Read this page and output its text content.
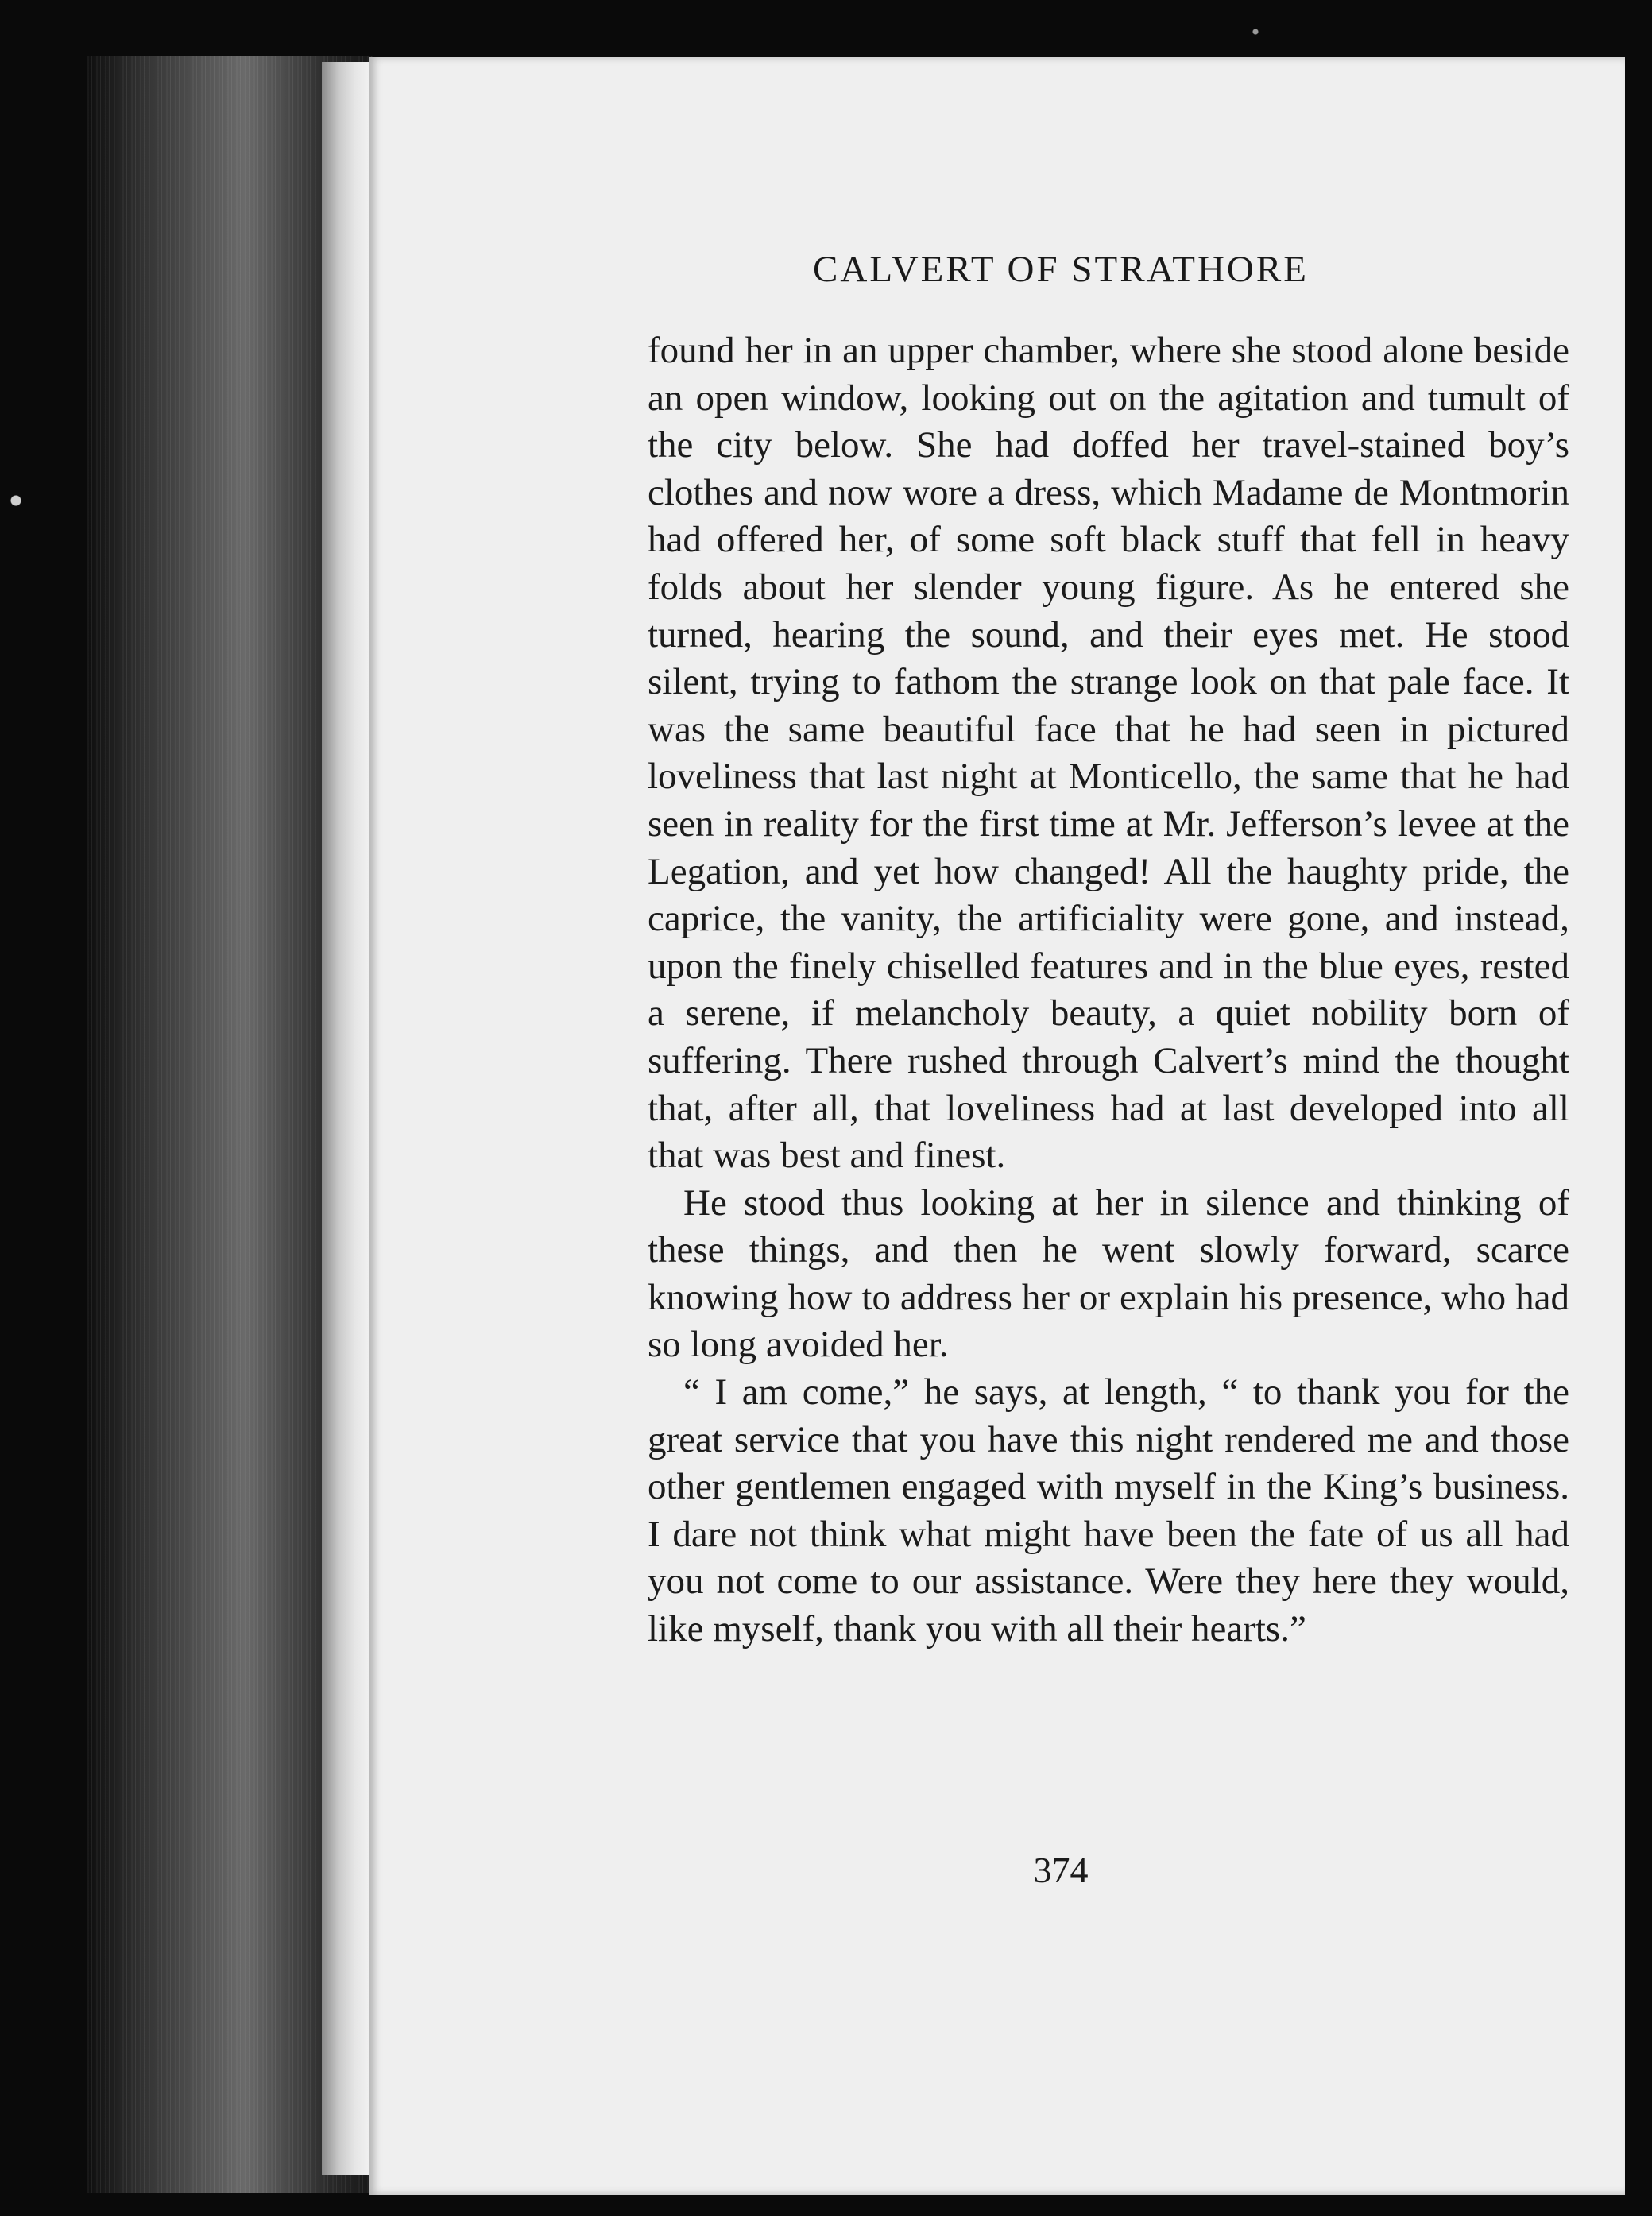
CALVERT OF STRATHORE

found her in an upper chamber, where she stood alone beside an open window, looking out on the agitation and tumult of the city below. She had doffed her travel-stained boy’s clothes and now wore a dress, which Madame de Montmorin had offered her, of some soft black stuff that fell in heavy folds about her slender young figure. As he entered she turned, hearing the sound, and their eyes met. He stood silent, trying to fathom the strange look on that pale face. It was the same beautiful face that he had seen in pictured loveliness that last night at Monticello, the same that he had seen in reality for the first time at Mr. Jefferson’s levee at the Legation, and yet how changed! All the haughty pride, the caprice, the vanity, the artificiality were gone, and instead, upon the finely chiselled features and in the blue eyes, rested a serene, if melancholy beauty, a quiet nobility born of suffering. There rushed through Calvert’s mind the thought that, after all, that loveliness had at last developed into all that was best and finest.

He stood thus looking at her in silence and thinking of these things, and then he went slowly forward, scarce knowing how to address her or explain his presence, who had so long avoided her.

“ I am come,” he says, at length, “ to thank you for the great service that you have this night rendered me and those other gentlemen engaged with myself in the King’s business. I dare not think what might have been the fate of us all had you not come to our assistance. Were they here they would, like myself, thank you with all their hearts.”

374
